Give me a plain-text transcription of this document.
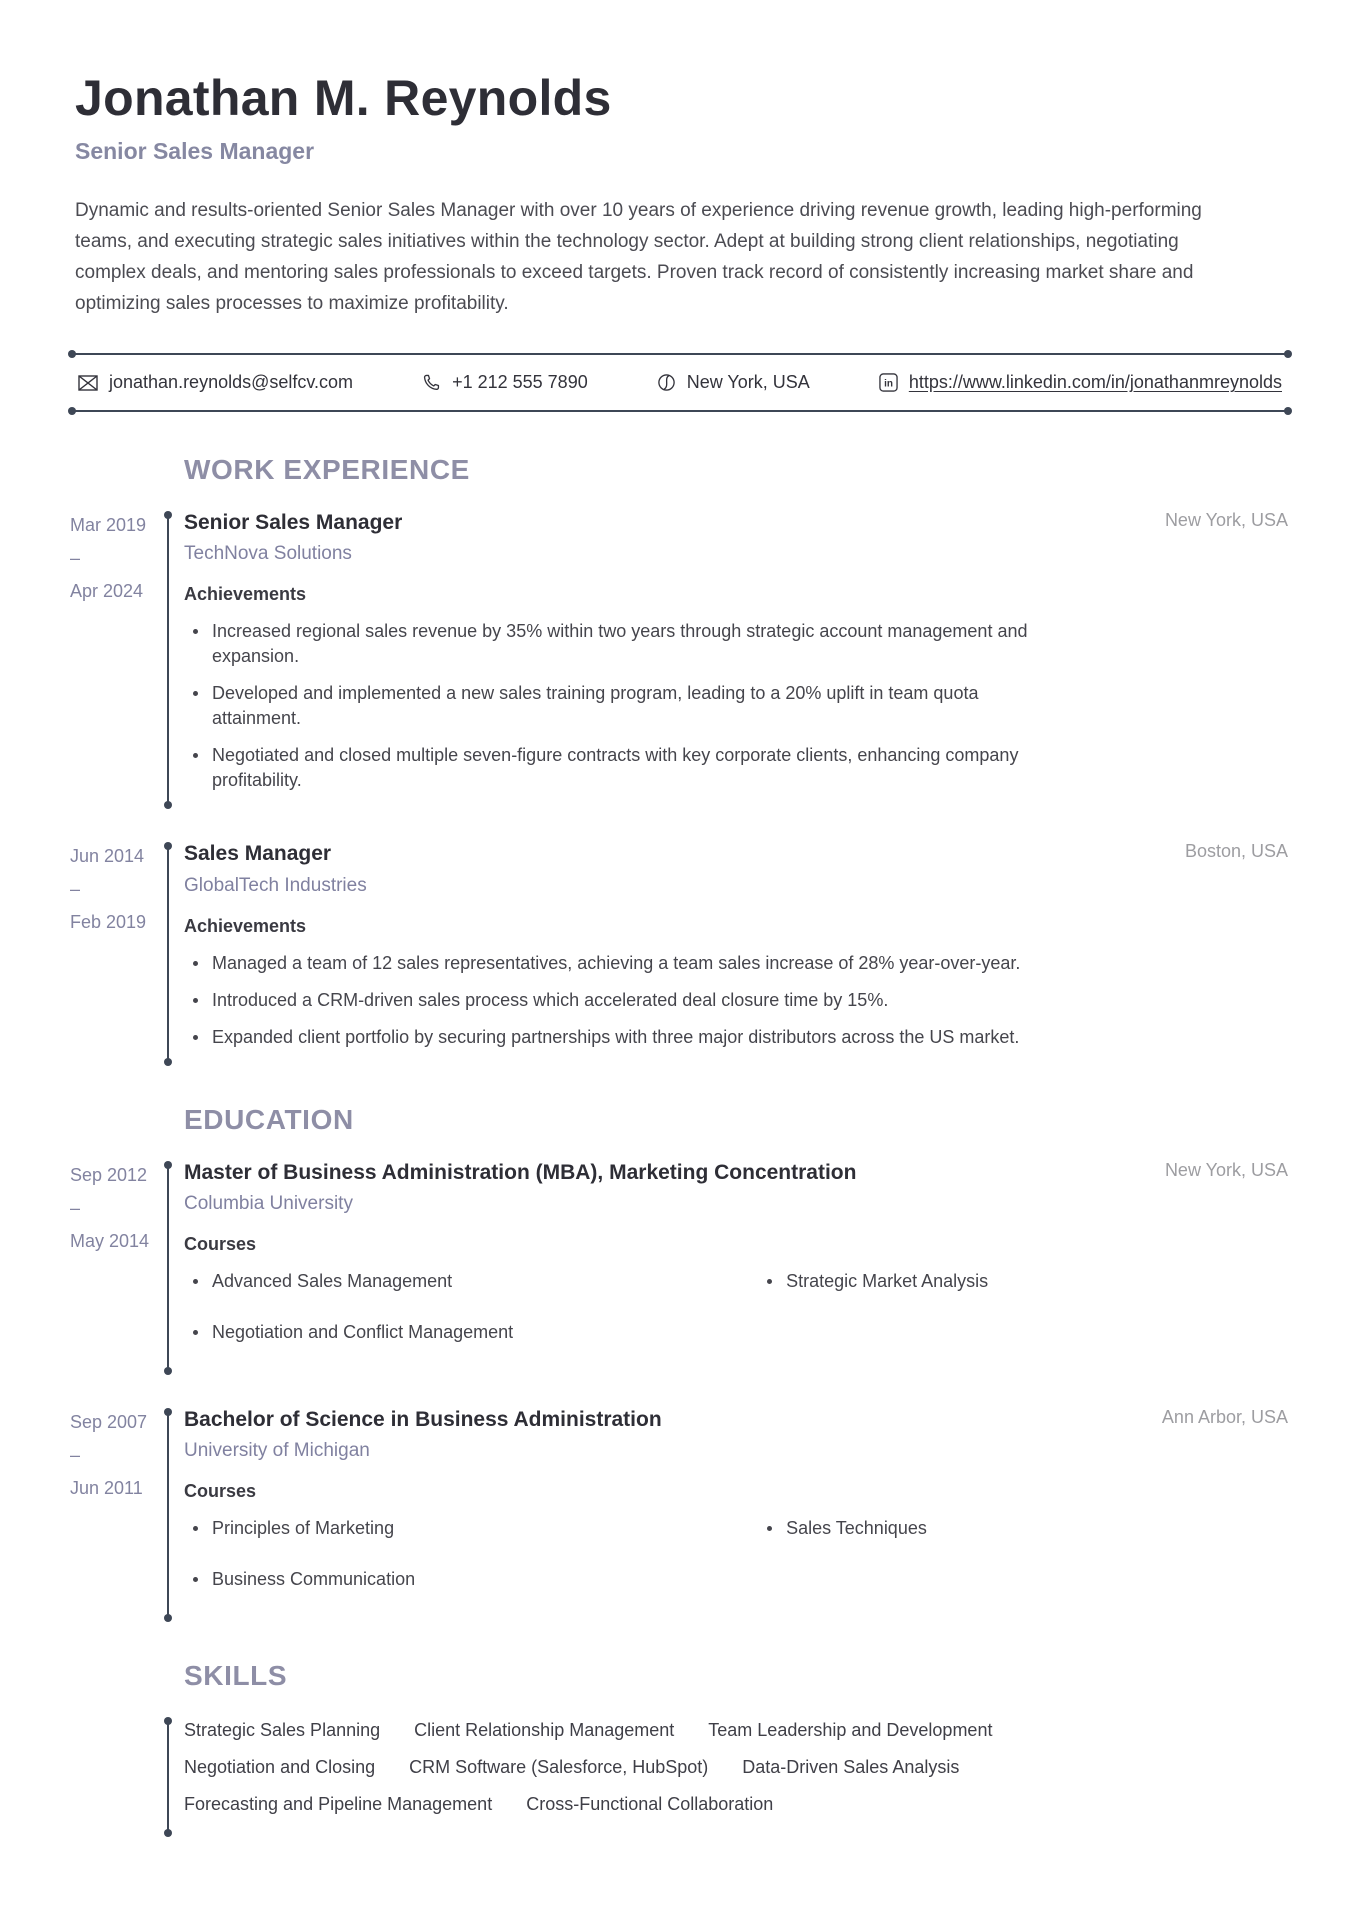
Jonathan M. Reynolds
Senior Sales Manager
Dynamic and results-oriented Senior Sales Manager with over 10 years of experience driving revenue growth, leading high-performing teams, and executing strategic sales initiatives within the technology sector. Adept at building strong client relationships, negotiating complex deals, and mentoring sales professionals to exceed targets. Proven track record of consistently increasing market share and optimizing sales processes to maximize profitability.
jonathan.reynolds@selfcv.com	+1 212 555 7890	New York, USA	in https://www.linkedin.com/in/jonathanmreynolds
WORK EXPERIENCE
Mar 2019
–
Apr 2024
Senior Sales Manager	New York, USA
TechNova Solutions
Achievements
Increased regional sales revenue by 35% within two years through strategic account management and expansion.
Developed and implemented a new sales training program, leading to a 20% uplift in team quota attainment.
Negotiated and closed multiple seven-figure contracts with key corporate clients, enhancing company profitability.
Jun 2014
–
Feb 2019
Sales Manager	Boston, USA
GlobalTech Industries
Achievements
Managed a team of 12 sales representatives, achieving a team sales increase of 28% year-over-year.
Introduced a CRM-driven sales process which accelerated deal closure time by 15%.
Expanded client portfolio by securing partnerships with three major distributors across the US market.
EDUCATION
Sep 2012
–
May 2014
Master of Business Administration (MBA), Marketing Concentration	New York, USA
Columbia University
Courses
Advanced Sales Management	Strategic Market Analysis
Negotiation and Conflict Management
Sep 2007
–
Jun 2011
Bachelor of Science in Business Administration	Ann Arbor, USA
University of Michigan
Courses
Principles of Marketing	Sales Techniques
Business Communication
SKILLS
Strategic Sales Planning Client Relationship Management Team Leadership and Development
Negotiation and Closing CRM Software (Salesforce, HubSpot) Data-Driven Sales Analysis
Forecasting and Pipeline Management Cross-Functional Collaboration
